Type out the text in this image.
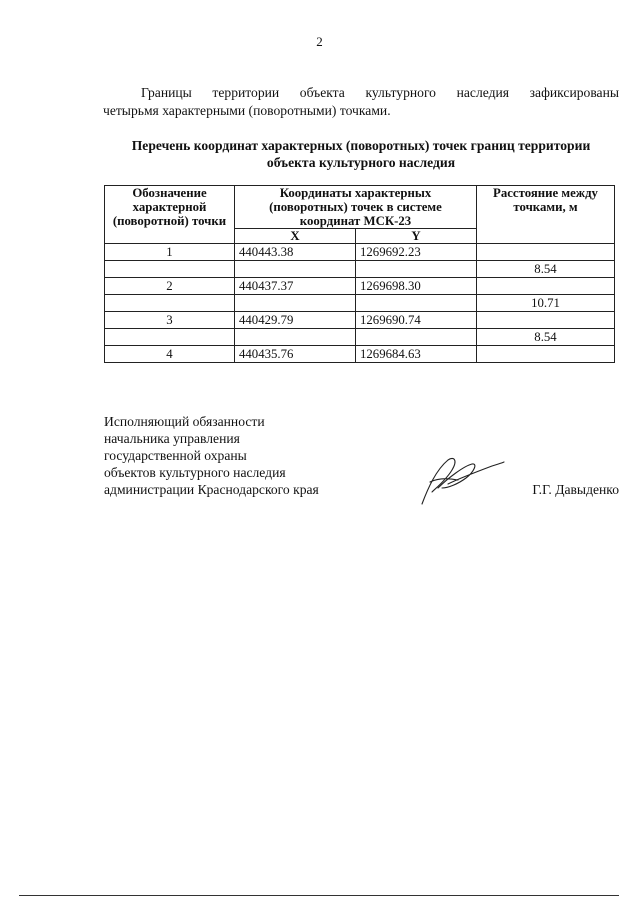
2
Границы территории объекта культурного наследия зафиксированы
четырьмя характерными (поворотными) точками.
Перечень координат характерных (поворотных) точек границ территории
объекта культурного наследия
Обозначение характерной (поворотной) точки	Координаты характерных (поворотных) точек в системе координат МСК-23		Расстояние между точками, м
	X	Y	
1	440443.38	1269692.23	
			8.54
2	440437.37	1269698.30	
			10.71
3	440429.79	1269690.74	
			8.54
4	440435.76	1269684.63	
Исполняющий обязанности
начальника управления
государственной охраны
объектов культурного наследия
администрации Краснодарского края	Г.Г. Давыденко
